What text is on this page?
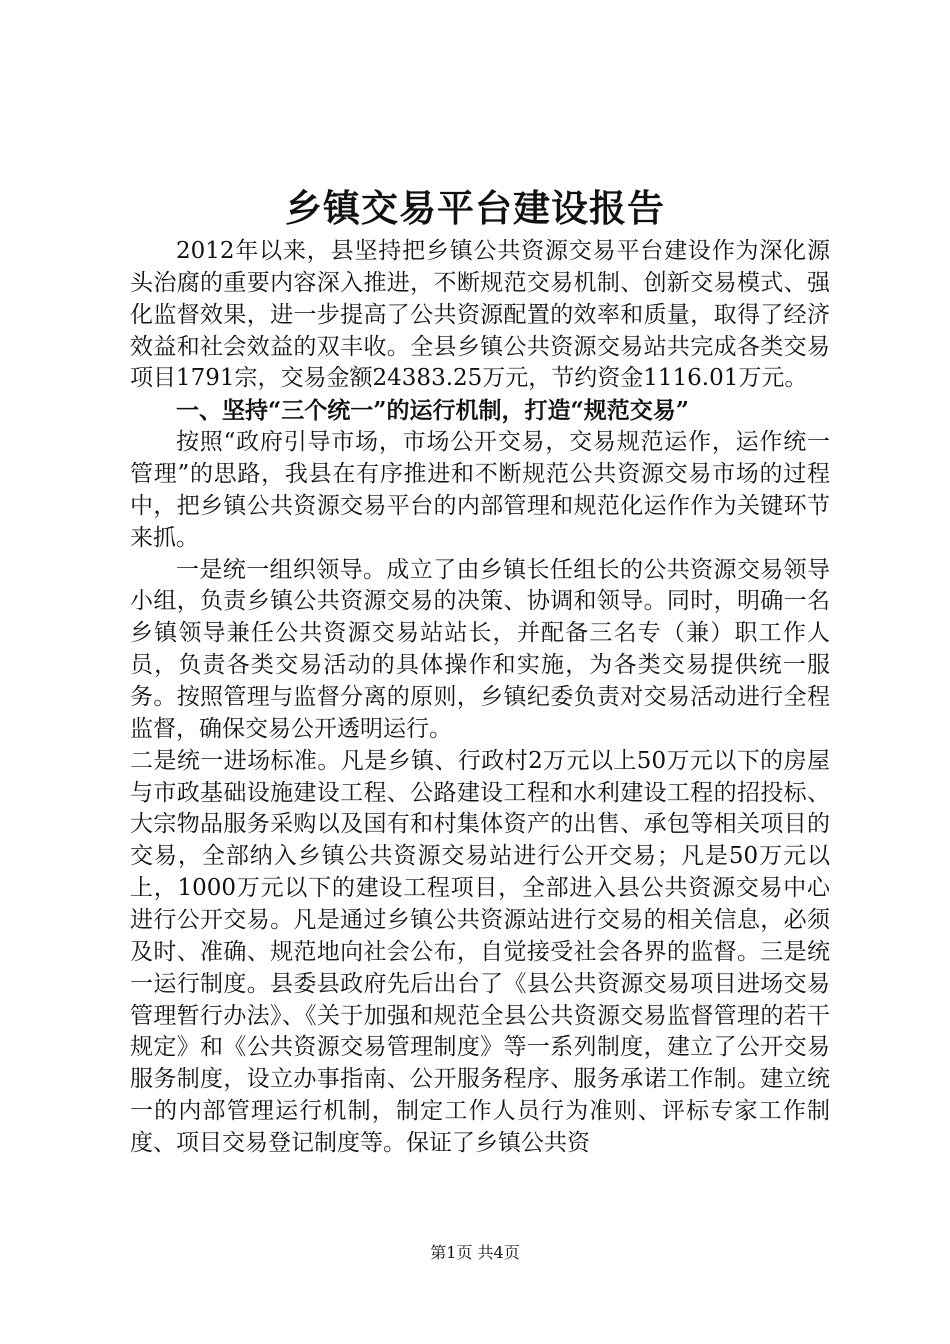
乡镇交易平台建设报告

2012年以来，县坚持把乡镇公共资源交易平台建设作为深化源头治腐的重要内容深入推进，不断规范交易机制、创新交易模式、强化监督效果，进一步提高了公共资源配置的效率和质量，取得了经济效益和社会效益的双丰收。全县乡镇公共资源交易站共完成各类交易项目1791宗，交易金额24383.25万元，节约资金1116.01万元。

一、坚持“三个统一”的运行机制，打造“规范交易”

按照“政府引导市场，市场公开交易，交易规范运作，运作统一管理”的思路，我县在有序推进和不断规范公共资源交易市场的过程中，把乡镇公共资源交易平台的内部管理和规范化运作作为关键环节来抓。

一是统一组织领导。成立了由乡镇长任组长的公共资源交易领导小组，负责乡镇公共资源交易的决策、协调和领导。同时，明确一名乡镇领导兼任公共资源交易站站长，并配备三名专（兼）职工作人员，负责各类交易活动的具体操作和实施，为各类交易提供统一服务。按照管理与监督分离的原则，乡镇纪委负责对交易活动进行全程监督，确保交易公开透明运行。

二是统一进场标准。凡是乡镇、行政村2万元以上50万元以下的房屋与市政基础设施建设工程、公路建设工程和水利建设工程的招投标、大宗物品服务采购以及国有和村集体资产的出售、承包等相关项目的交易，全部纳入乡镇公共资源交易站进行公开交易；凡是50万元以上，1000万元以下的建设工程项目，全部进入县公共资源交易中心进行公开交易。凡是通过乡镇公共资源站进行交易的相关信息，必须及时、准确、规范地向社会公布，自觉接受社会各界的监督。三是统一运行制度。县委县政府先后出台了《县公共资源交易项目进场交易管理暂行办法》、《关于加强和规范全县公共资源交易监督管理的若干规定》和《公共资源交易管理制度》等一系列制度，建立了公开交易服务制度，设立办事指南、公开服务程序、服务承诺工作制。建立统一的内部管理运行机制，制定工作人员行为准则、评标专家工作制度、项目交易登记制度等。保证了乡镇公共资

第1页 共4页
